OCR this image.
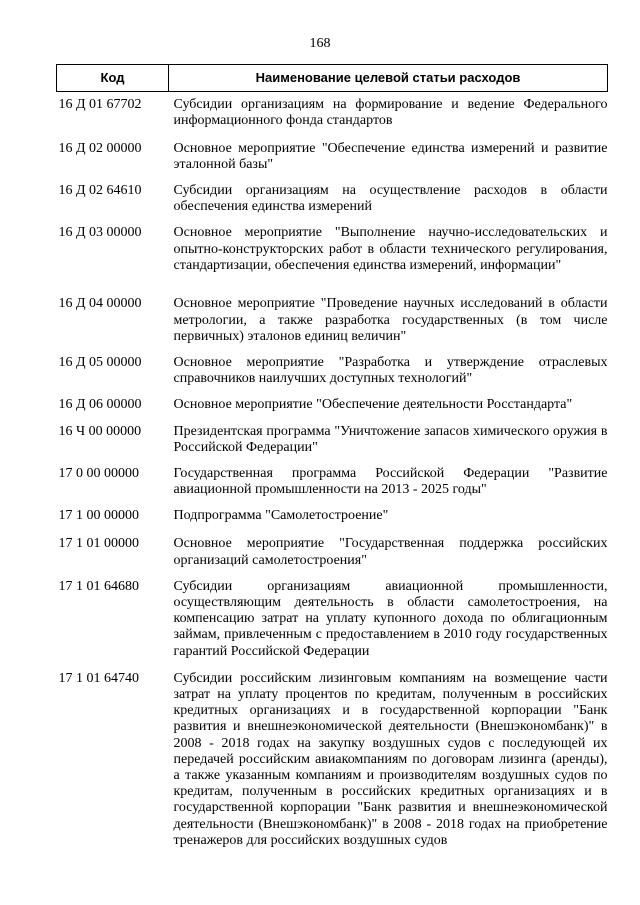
168
Код	Наименование целевой статьи расходов
16 Д 01 67702	Субсидии организациям на формирование и ведение Федерального информационного фонда стандартов
16 Д 02 00000	Основное мероприятие "Обеспечение единства измерений и развитие эталонной базы"
16 Д 02 64610	Субсидии организациям на осуществление расходов в области обеспечения единства измерений
16 Д 03 00000	Основное мероприятие "Выполнение научно-исследовательских и опытно-конструкторских работ в области технического регулирования, стандартизации, обеспечения единства измерений, информации"
16 Д 04 00000	Основное мероприятие "Проведение научных исследований в области метрологии, а также разработка государственных (в том числе первичных) эталонов единиц величин"
16 Д 05 00000	Основное мероприятие "Разработка и утверждение отраслевых справочников наилучших доступных технологий"
16 Д 06 00000	Основное мероприятие "Обеспечение деятельности Росстандарта"
16 Ч 00 00000	Президентская программа "Уничтожение запасов химического оружия в Российской Федерации"
17 0 00 00000	Государственная программа Российской Федерации "Развитие авиационной промышленности на 2013 - 2025 годы"
17 1 00 00000	Подпрограмма "Самолетостроение"
17 1 01 00000	Основное мероприятие "Государственная поддержка российских организаций самолетостроения"
17 1 01 64680	Субсидии организациям авиационной промышленности, осуществляющим деятельность в области самолетостроения, на компенсацию затрат на уплату купонного дохода по облигационным займам, привлеченным с предоставлением в 2010 году государственных гарантий Российской Федерации
17 1 01 64740	Субсидии российским лизинговым компаниям на возмещение части затрат на уплату процентов по кредитам, полученным в российских кредитных организациях и в государственной корпорации "Банк развития и внешнеэкономической деятельности (Внешэкономбанк)" в 2008 - 2018 годах на закупку воздушных судов с последующей их передачей российским авиакомпаниям по договорам лизинга (аренды), а также указанным компаниям и производителям воздушных судов по кредитам, полученным в российских кредитных организациях и в государственной корпорации "Банк развития и внешнеэкономической деятельности (Внешэкономбанк)" в 2008 - 2018 годах на приобретение тренажеров для российских воздушных судов
